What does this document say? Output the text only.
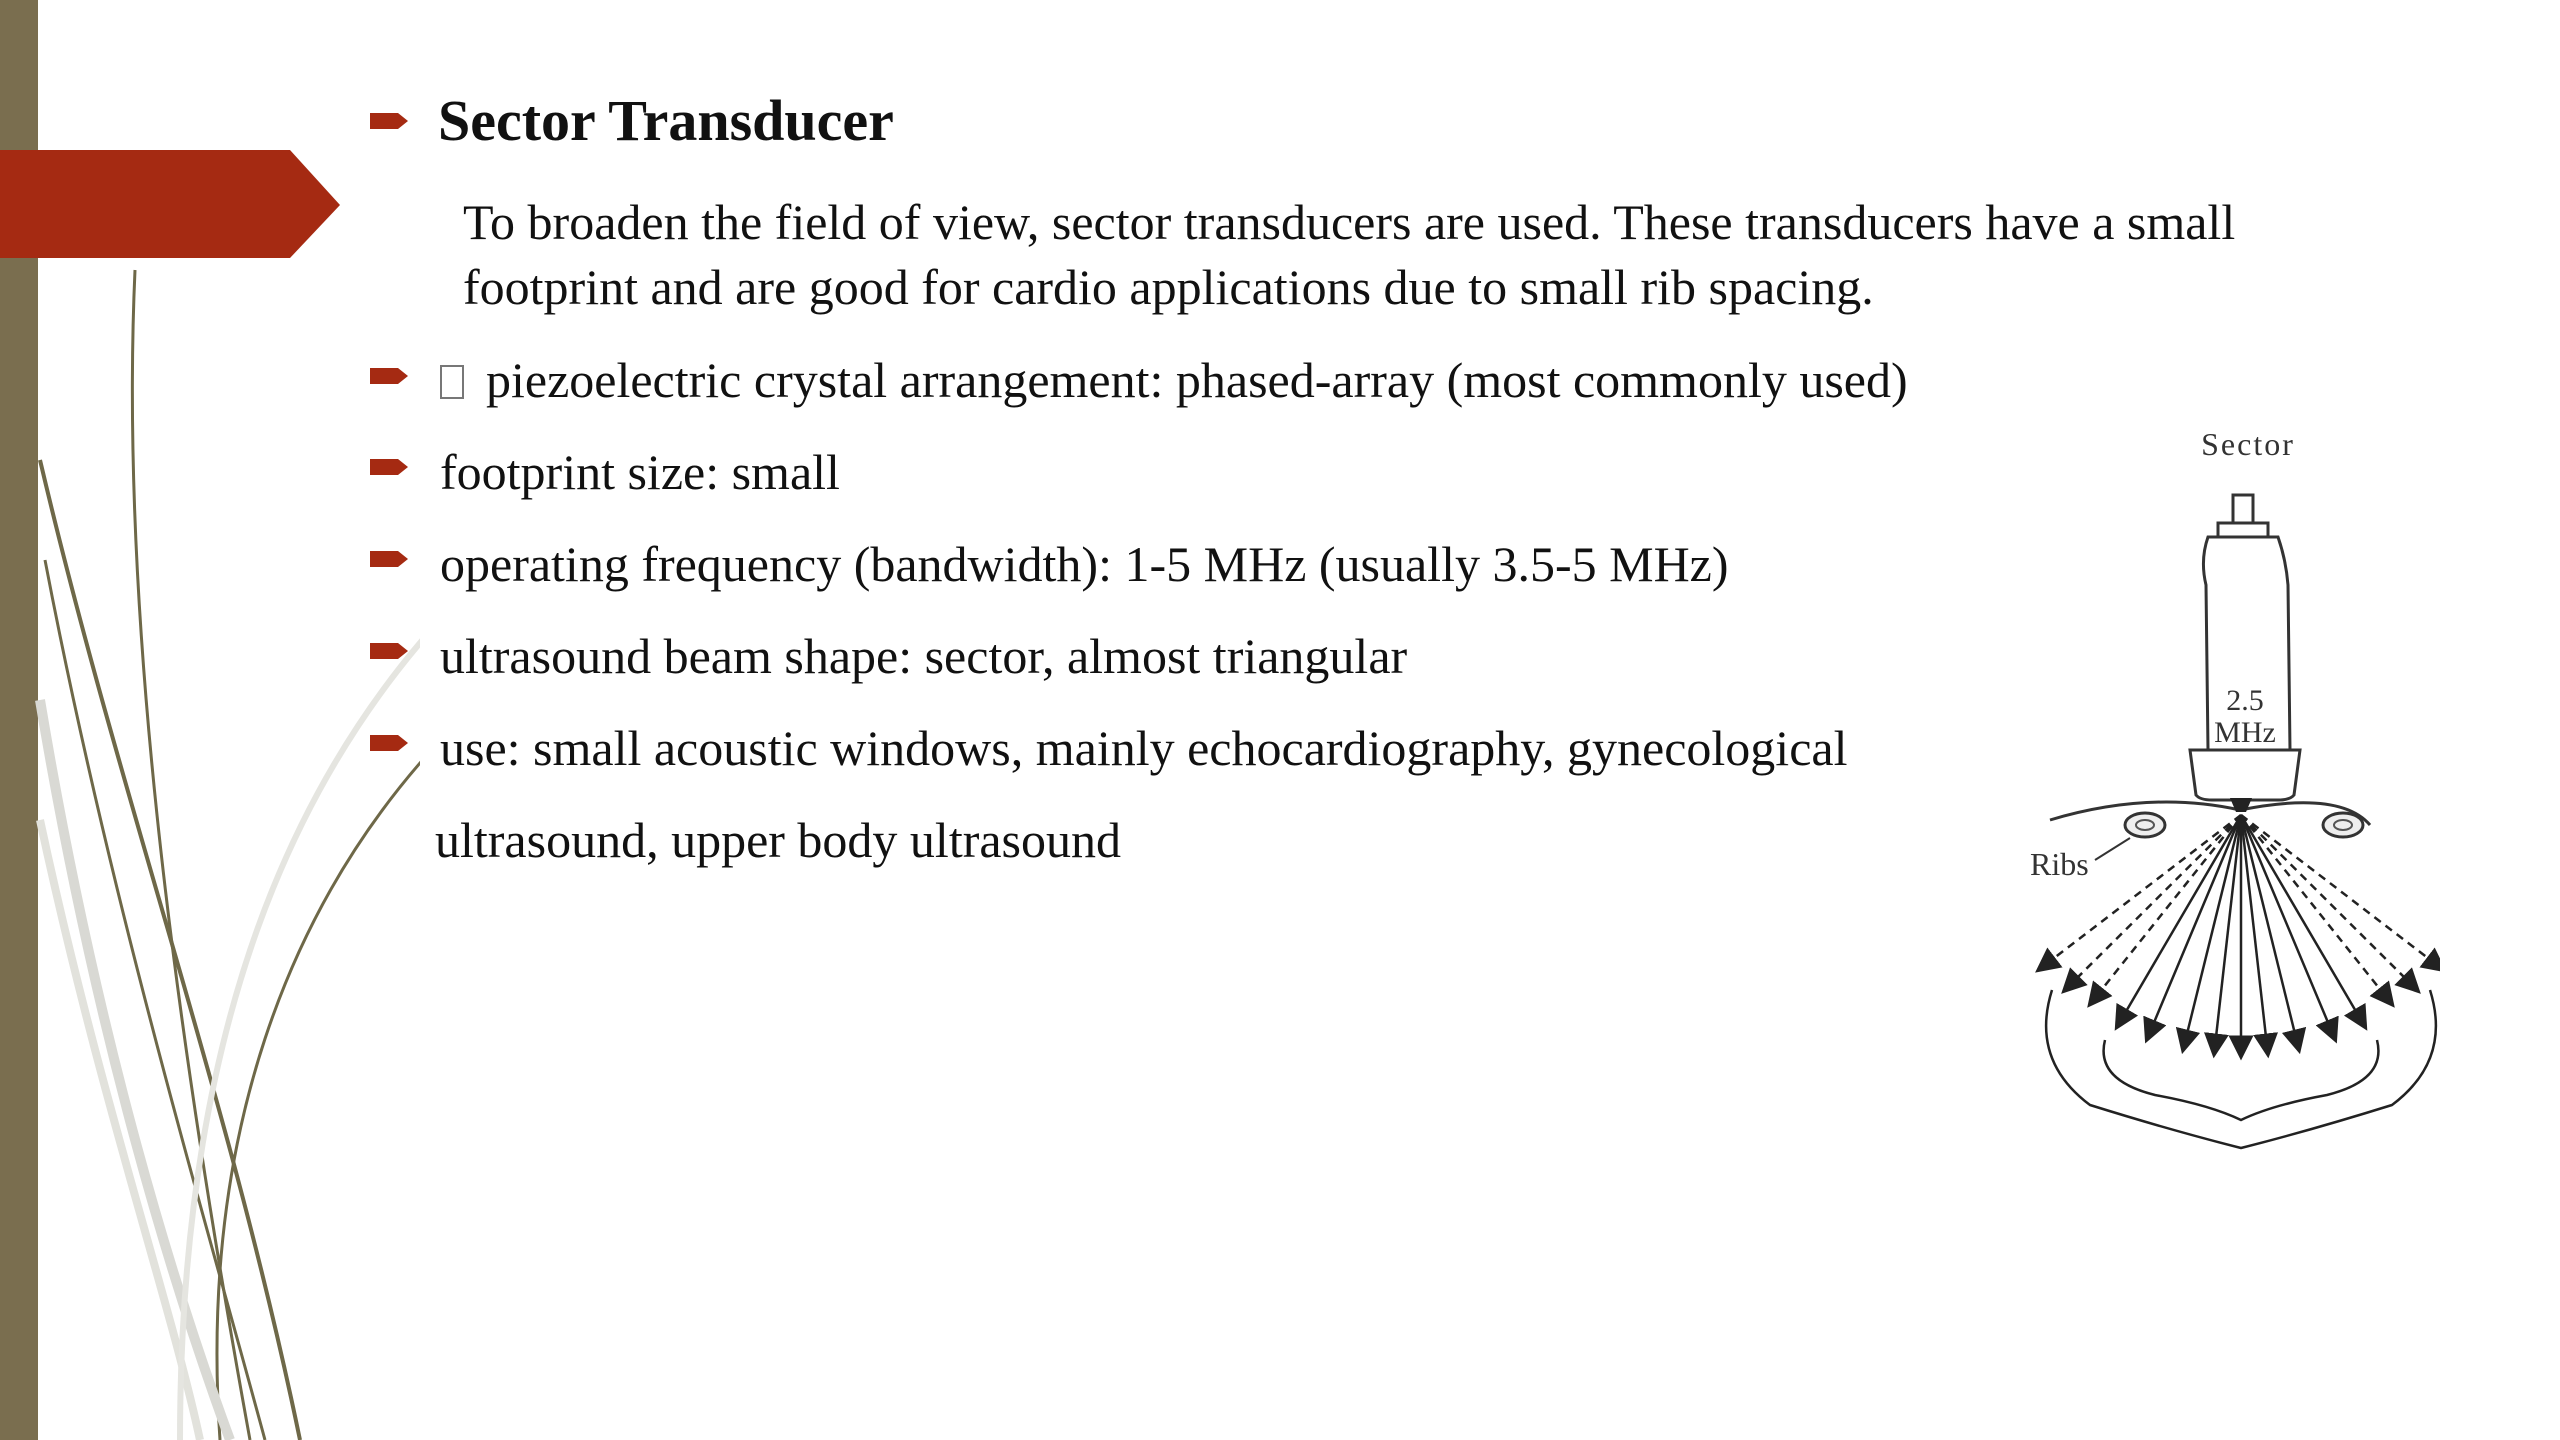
Sector Transducer
To broaden the field of view, sector transducers are used. These transducers have a small footprint and are good for cardio applications due to small rib spacing.
piezoelectric crystal arrangement: phased-array (most commonly used)
footprint size: small
operating frequency (bandwidth): 1-5 MHz (usually 3.5-5 MHz)
ultrasound beam shape: sector, almost triangular
use: small acoustic windows, mainly echocardiography, gynecological
ultrasound, upper body ultrasound
Sector
2.5
MHz
Ribs
